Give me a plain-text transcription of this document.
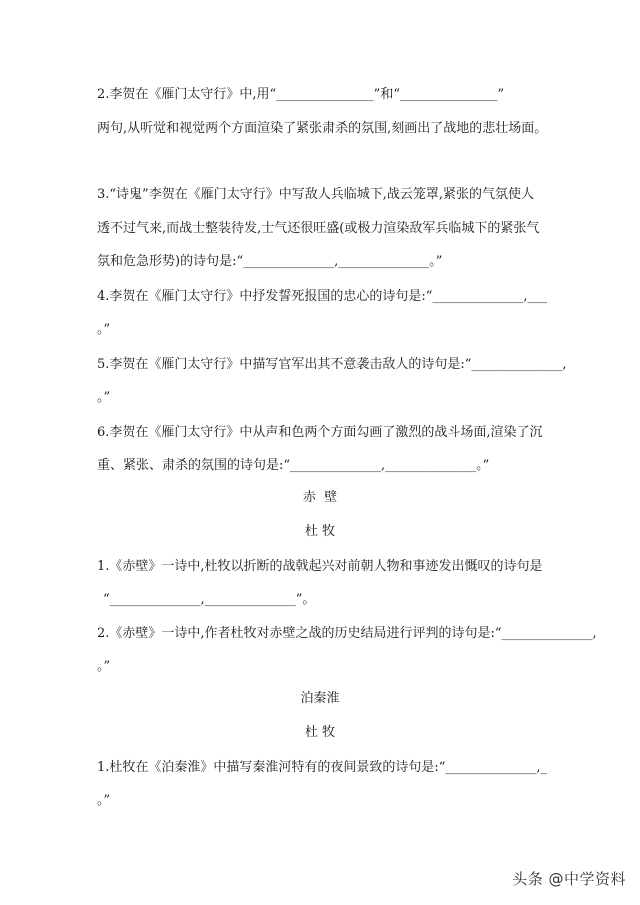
2.李贺在《雁门太守行》中,用“_______________”和“_______________”
两句,从听觉和视觉两个方面渲染了紧张肃杀的氛围,刻画出了战地的悲壮场面。
3.“诗鬼”李贺在《雁门太守行》中写敌人兵临城下,战云笼罩,紧张的气氛使人
透不过气来,而战士整装待发,士气还很旺盛(或极力渲染敌军兵临城下的紧张气
氛和危急形势)的诗句是:“______________,______________。”
4.李贺在《雁门太守行》中抒发誓死报国的忠心的诗句是:“______________,___
。”
5.李贺在《雁门太守行》中描写官军出其不意袭击敌人的诗句是:“______________,
。”
6.李贺在《雁门太守行》中从声和色两个方面勾画了激烈的战斗场面,渲染了沉
重、紧张、肃杀的氛围的诗句是:“______________,______________。”
赤  壁
杜 牧
1.《赤壁》一诗中,杜牧以折断的战戟起兴对前朝人物和事迹发出慨叹的诗句是
“______________,______________”。
2.《赤壁》一诗中,作者杜牧对赤壁之战的历史结局进行评判的诗句是:“______________,
。”
泊秦淮
杜 牧
1.杜牧在《泊秦淮》中描写秦淮河特有的夜间景致的诗句是:“______________,_
。”
头条 @中学资料
